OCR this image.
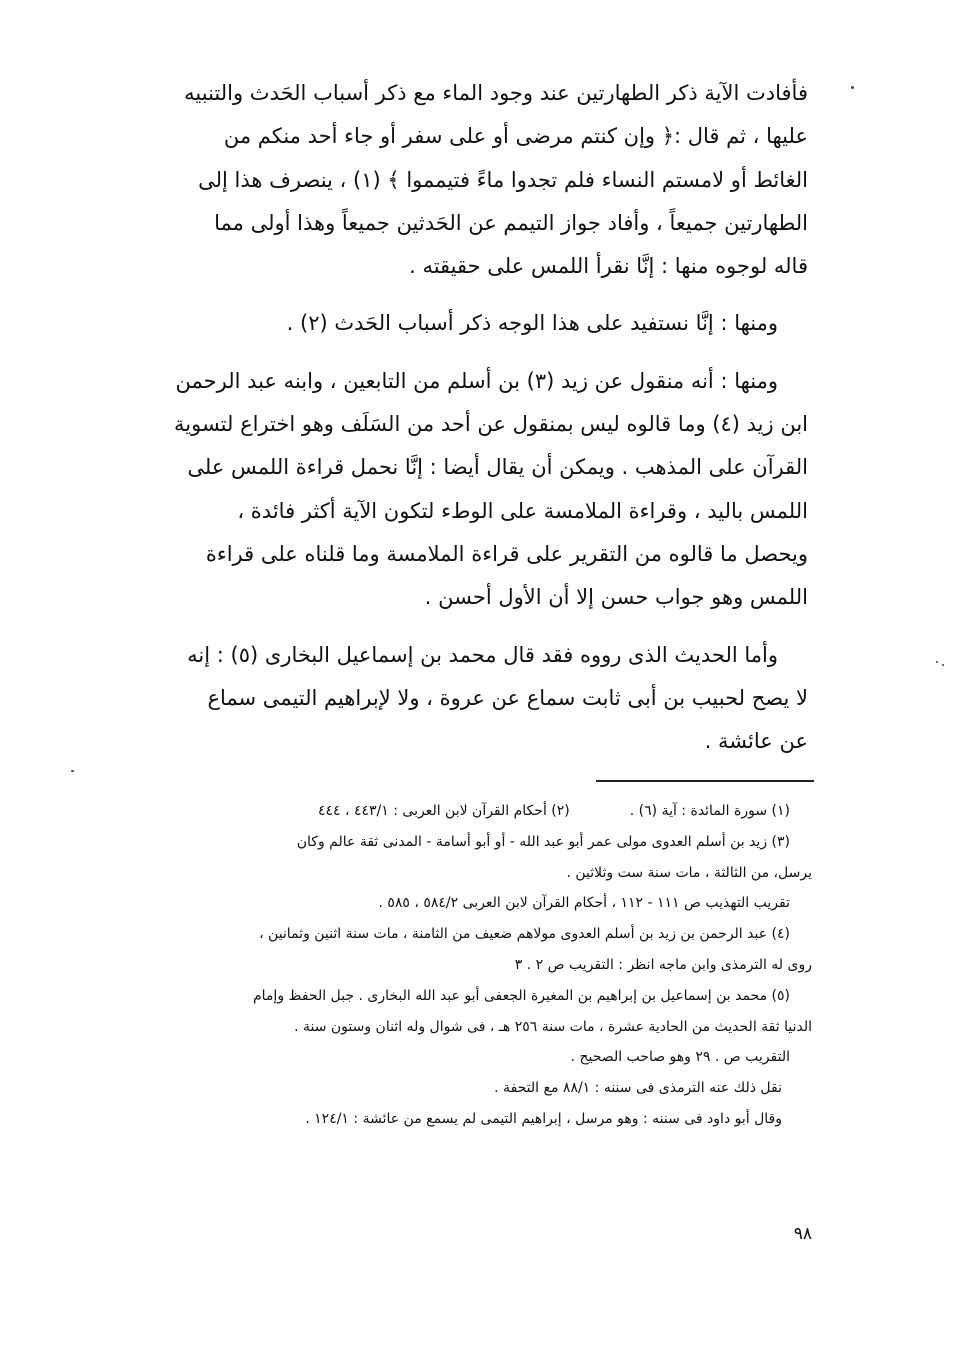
فأفادت الآية ذكر الطهارتين عند وجود الماء مع ذكر أسباب الحَدث والتنبيه
عليها ، ثم قال :﴿ وإن كنتم مرضى أو على سفر أو جاء أحد منكم من
الغائط أو لامستم النساء فلم تجدوا ماءً فتيمموا ﴾ (١) ، ينصرف هذا إلى
الطهارتين جميعاً ، وأفاد جواز التيمم عن الحَدثين جميعاً وهذا أولى مما
قاله لوجوه منها : إنَّا نقرأ اللمس على حقيقته .

ومنها : إنَّا نستفيد على هذا الوجه ذكر أسباب الحَدث (٢) .

ومنها : أنه منقول عن زيد (٣) بن أسلم من التابعين ، وابنه عبد الرحمن
ابن زيد (٤) وما قالوه ليس بمنقول عن أحد من السَلَف وهو اختراع لتسوية
القرآن على المذهب . ويمكن أن يقال أيضا : إنَّا نحمل قراءة اللمس على
اللمس باليد ، وقراءة الملامسة على الوطء لتكون الآية أكثر فائدة ،
ويحصل ما قالوه من التقرير على قراءة الملامسة وما قلناه على قراءة
اللمس وهو جواب حسن إلا أن الأول أحسن .

وأما الحديث الذى رووه فقد قال محمد بن إسماعيل البخارى (٥) : إنه
لا يصح لحبيب بن أبى ثابت سماع عن عروة ، ولا لإبراهيم التيمى سماع
عن عائشة .

(١) سورة المائدة : آية (٦) .(٢) أحكام القرآن لابن العربى : ٤٤٣/١ ، ٤٤٤

(٣) زيد بن أسلم العدوى مولى عمر أبو عبد الله - أو أبو أسامة - المدنى ثقة عالم وكان

يرسل، من الثالثة ، مات سنة ست وثلاثين .

تقريب التهذيب ص ١١١ - ١١٢ ، أحكام القرآن لابن العربى ٥٨٤/٢ ، ٥٨٥ .

(٤) عبد الرحمن بن زيد بن أسلم العدوى مولاهم ضعيف من الثامنة ، مات سنة اثنين وثمانين ،

روى له الترمذى وابن ماجه انظر : التقريب ص ٢ . ٣

(٥) محمد بن إسماعيل بن إبراهيم بن المغيرة الجعفى أبو عبد الله البخارى . جبل الحفظ وإمام

الدنيا ثقة الحديث من الحادية عشرة ، مات سنة ٢٥٦ هـ ، فى شوال وله اثنان وستون سنة .

التقريب ص . ٢٩ وهو صاحب الصحيح .

نقل ذلك عنه الترمذى فى سننه : ٨٨/١ مع التحفة .

وقال أبو داود فى سننه : وهو مرسل ، إبراهيم التيمى لم يسمع من عائشة : ١٢٤/١ .

٩٨
